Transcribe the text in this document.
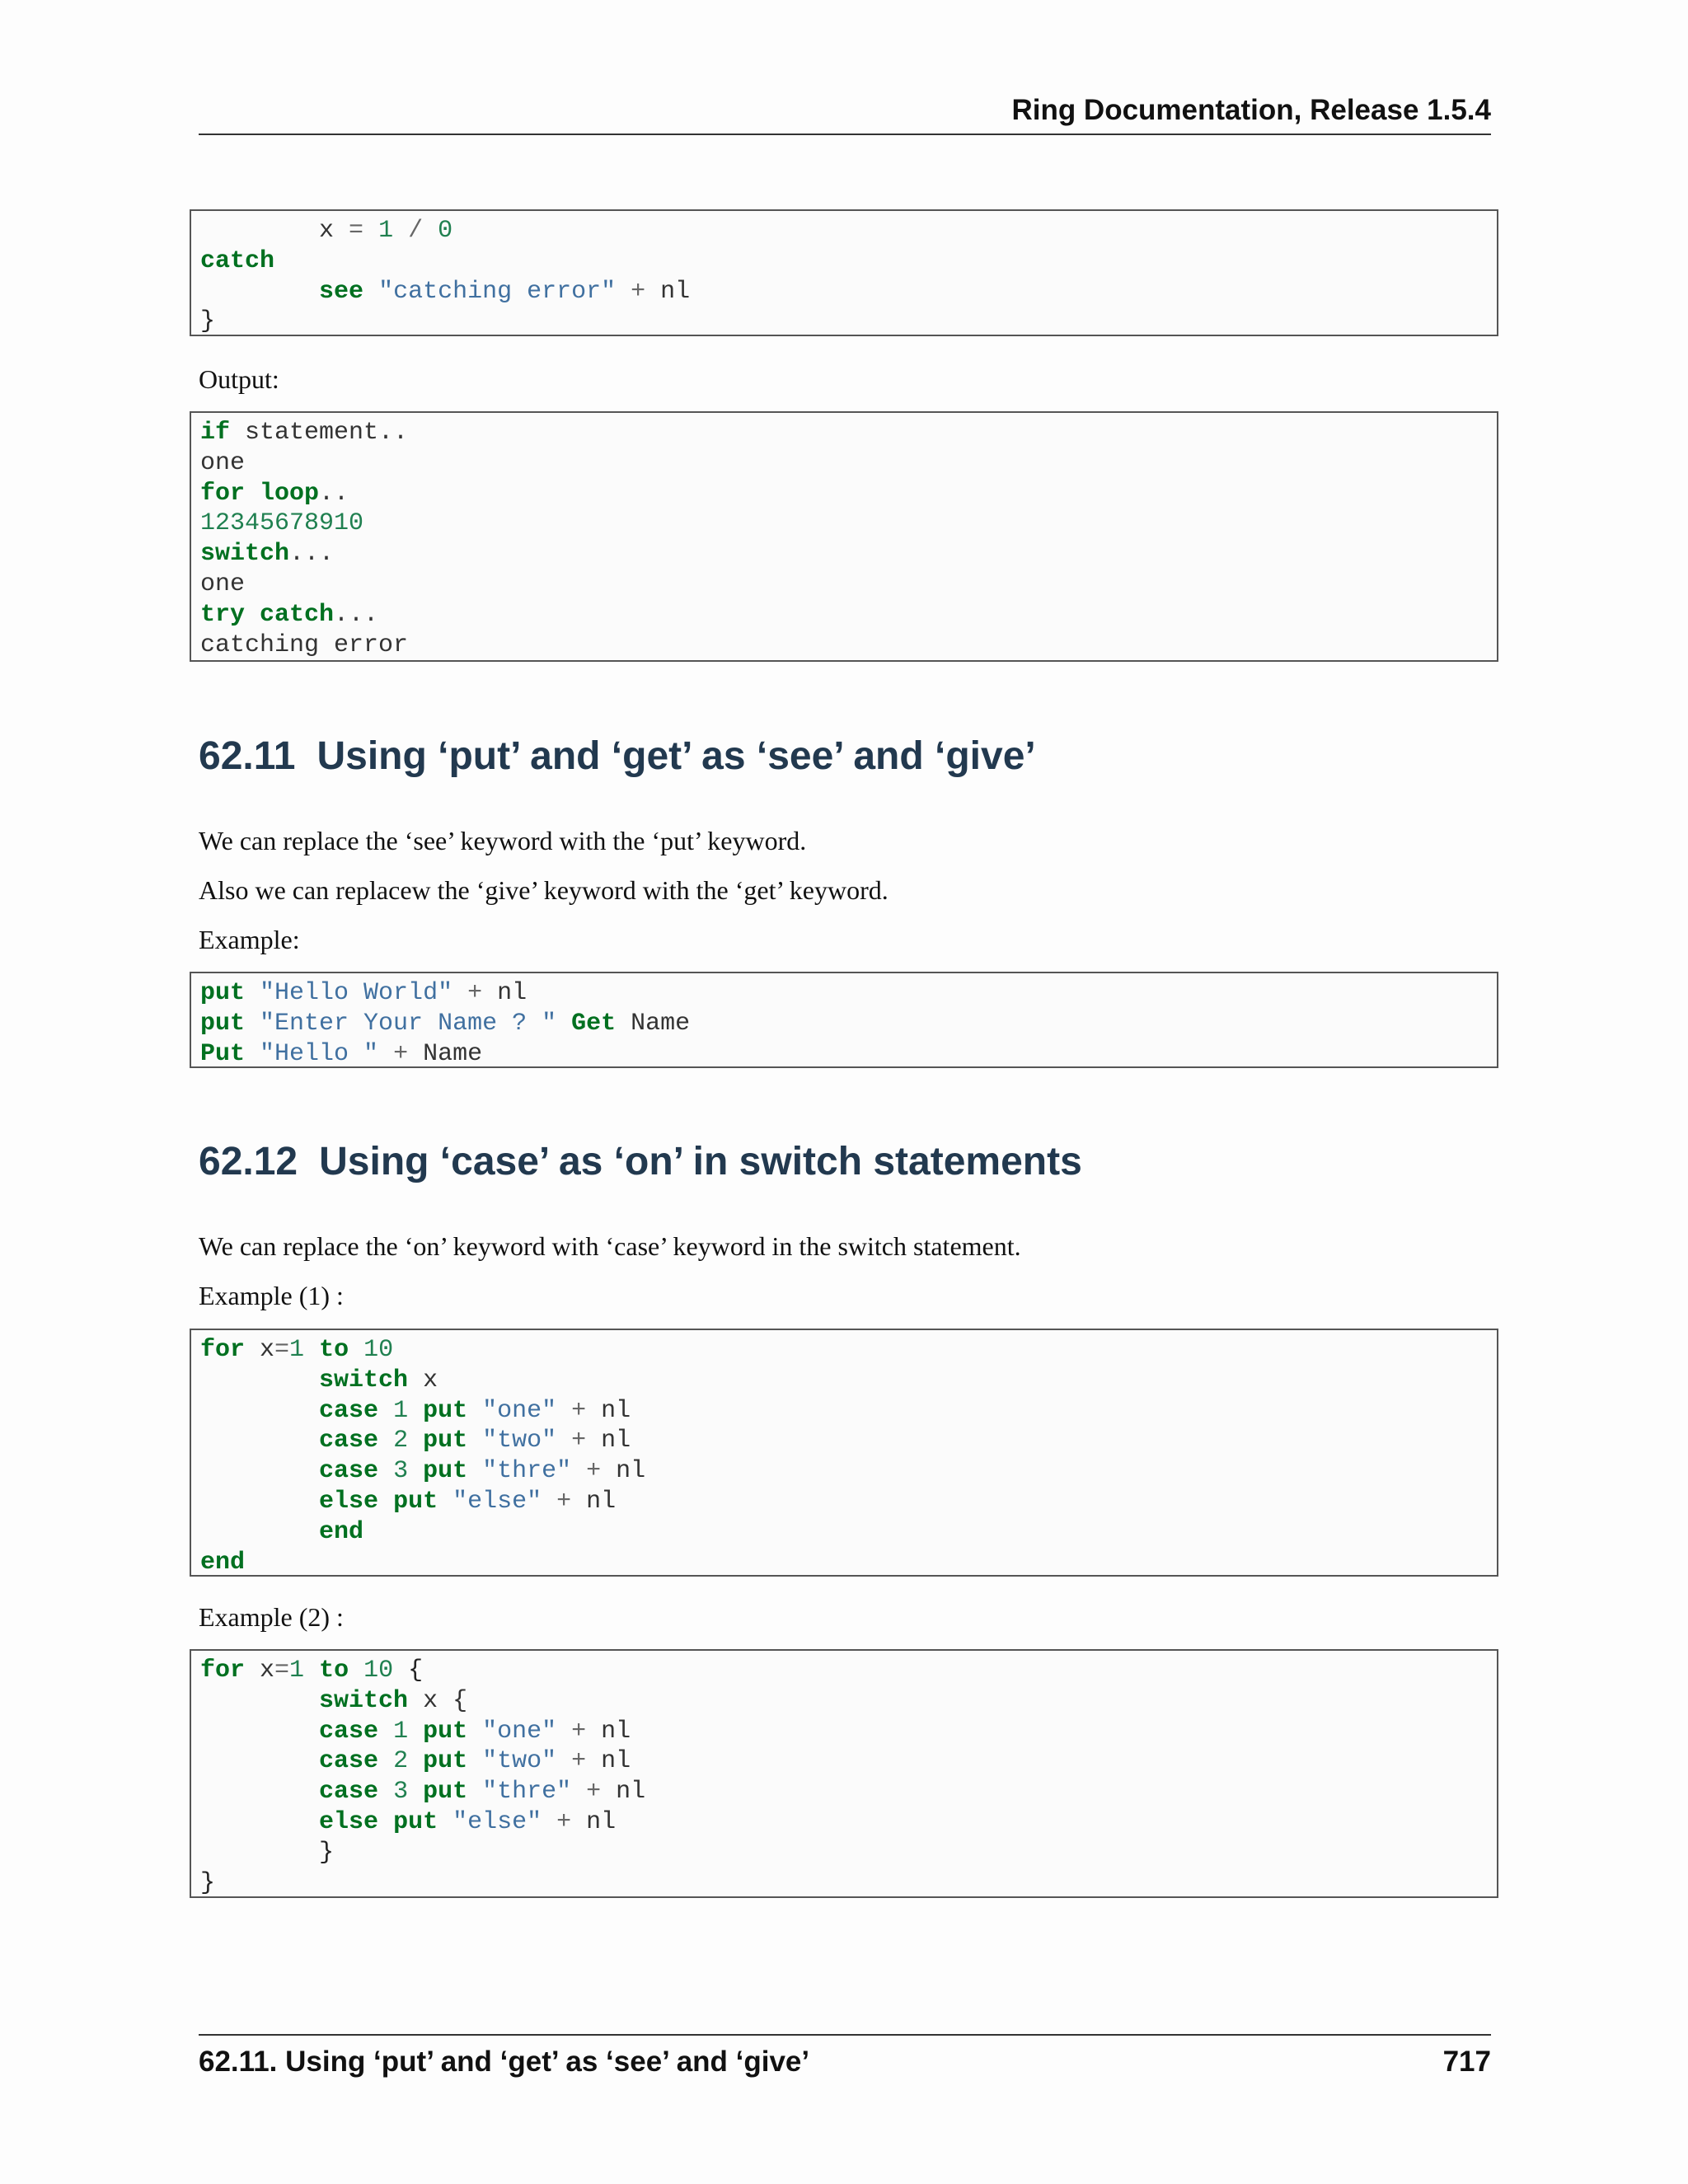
Ring Documentation, Release 1.5.4
x = 1 / 0
catch
see "catching error" + nl
}

Output:

if statement..
one
for loop..
12345678910
switch...
one
try catch...
catching error
62.11 Using ‘put’ and ‘get’ as ‘see’ and ‘give’

We can replace the ‘see’ keyword with the ‘put’ keyword.

Also we can replacew the ‘give’ keyword with the ‘get’ keyword.

Example:

put "Hello World" + nl
put "Enter Your Name ? " Get Name
Put "Hello " + Name
62.12 Using ‘case’ as ‘on’ in switch statements

We can replace the ‘on’ keyword with ‘case’ keyword in the switch statement.

Example (1) :

for x=1 to 10
switch x
case 1 put "one" + nl
case 2 put "two" + nl
case 3 put "thre" + nl
else put "else" + nl
end
end

Example (2) :

for x=1 to 10 {
switch x {
case 1 put "one" + nl
case 2 put "two" + nl
case 3 put "thre" + nl
else put "else" + nl
}
}
62.11. Using ‘put’ and ‘get’ as ‘see’ and ‘give’	717
